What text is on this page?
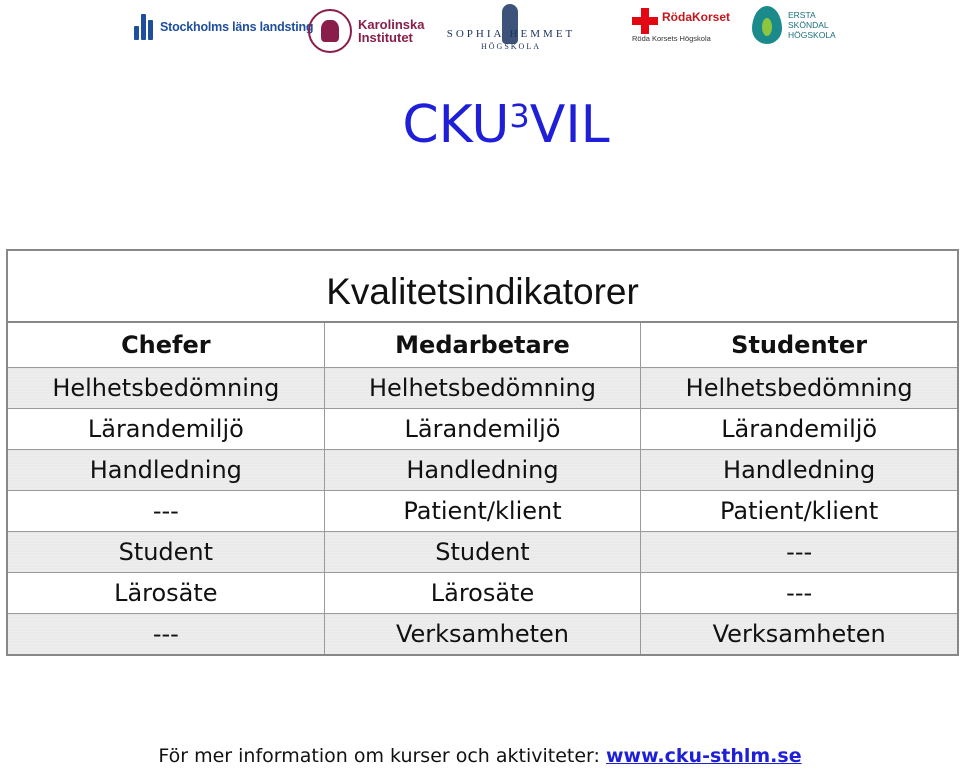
Stockholms läns landsting	Karolinska
Institutet	SOPHIA HEMMET
HÖGSKOLA
RödaKorset
Röda Korsets Högskola
ERSTA
SKÖNDAL
HÖGSKOLA
CKU$^3$VIL
Kvalitetsindikatorer		
Chefer	Medarbetare	Studenter
Helhetsbedömning	Helhetsbedömning	Helhetsbedömning
Lärandemiljö	Lärandemiljö	Lärandemiljö
Handledning	Handledning	Handledning
---	Patient/klient	Patient/klient
Student	Student	---
Lärosäte	Lärosäte	---
---	Verksamheten	Verksamheten
För mer information om kurser och aktiviteter: www.cku-sthlm.se
